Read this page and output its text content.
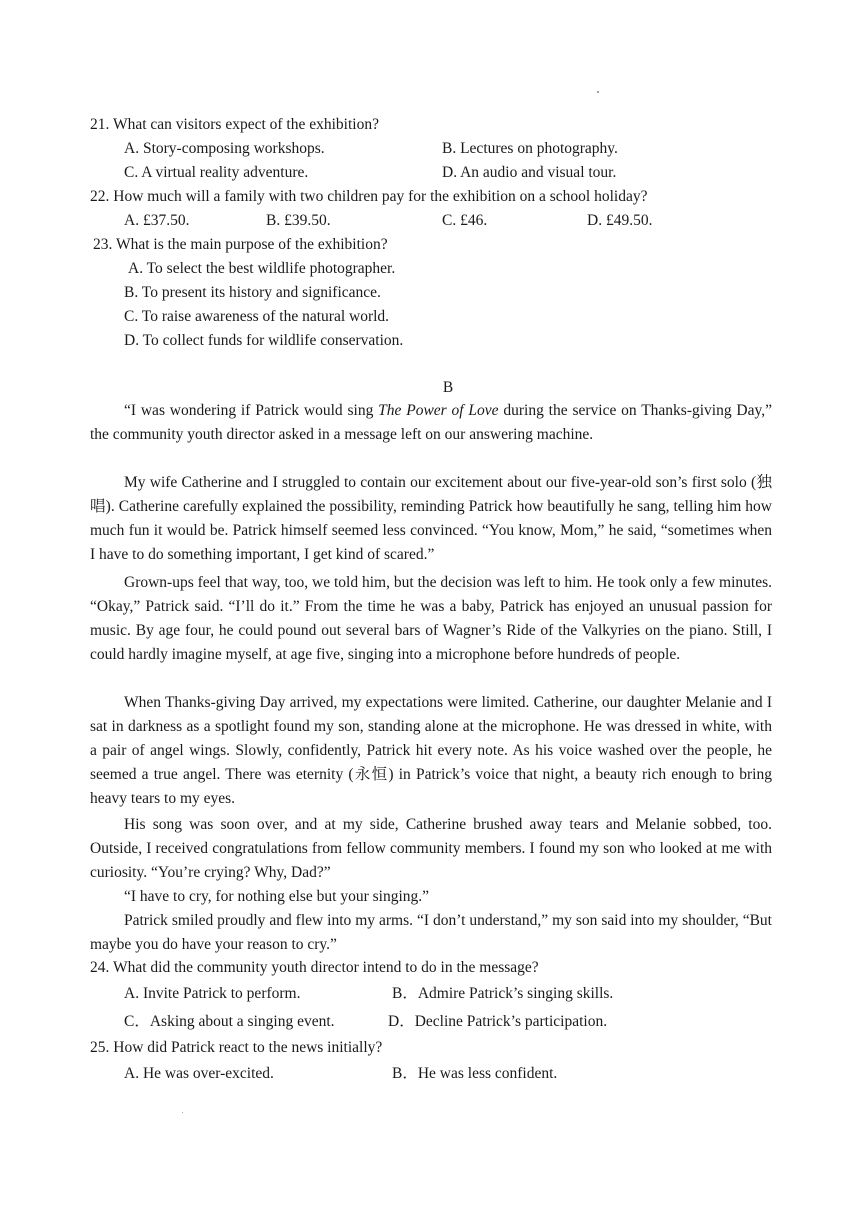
21. What can visitors expect of the exhibition?
A. Story-composing workshops.	B. Lectures on photography.
C. A virtual reality adventure.	D. An audio and visual tour.
22. How much will a family with two children pay for the exhibition on a school holiday?
A. £37.50.	B. £39.50.	C. £46.	D. £49.50.
23. What is the main purpose of the exhibition?
A. To select the best wildlife photographer.
B. To present its history and significance.
C. To raise awareness of the natural world.
D. To collect funds for wildlife conservation.
B

“I was wondering if Patrick would sing The Power of Love during the service on Thanks-giving Day,” the community youth director asked in a message left on our answering machine.

My wife Catherine and I struggled to contain our excitement about our five-year-old son’s first solo (独唱). Catherine carefully explained the possibility, reminding Patrick how beautifully he sang, telling him how much fun it would be. Patrick himself seemed less convinced. “You know, Mom,” he said, “sometimes when I have to do something important, I get kind of scared.”

Grown-ups feel that way, too, we told him, but the decision was left to him. He took only a few minutes. “Okay,” Patrick said. “I’ll do it.” From the time he was a baby, Patrick has enjoyed an unusual passion for music. By age four, he could pound out several bars of Wagner’s Ride of the Valkyries on the piano. Still, I could hardly imagine myself, at age five, singing into a microphone before hundreds of people.

When Thanks-giving Day arrived, my expectations were limited. Catherine, our daughter Melanie and I sat in darkness as a spotlight found my son, standing alone at the microphone. He was dressed in white, with a pair of angel wings. Slowly, confidently, Patrick hit every note. As his voice washed over the people, he seemed a true angel. There was eternity (永恒) in Patrick’s voice that night, a beauty rich enough to bring heavy tears to my eyes.

His song was soon over, and at my side, Catherine brushed away tears and Melanie sobbed, too. Outside, I received congratulations from fellow community members. I found my son who looked at me with curiosity. “You’re crying? Why, Dad?”

“I have to cry, for nothing else but your singing.”

Patrick smiled proudly and flew into my arms. “I don’t understand,” my son said into my shoulder, “But maybe you do have your reason to cry.”

24. What did the community youth director intend to do in the message?
A. Invite Patrick to perform.	B．Admire Patrick’s singing skills.
C．Asking about a singing event.	D．Decline Patrick’s participation.
25. How did Patrick react to the news initially?
A. He was over-excited.	B．He was less confident.
